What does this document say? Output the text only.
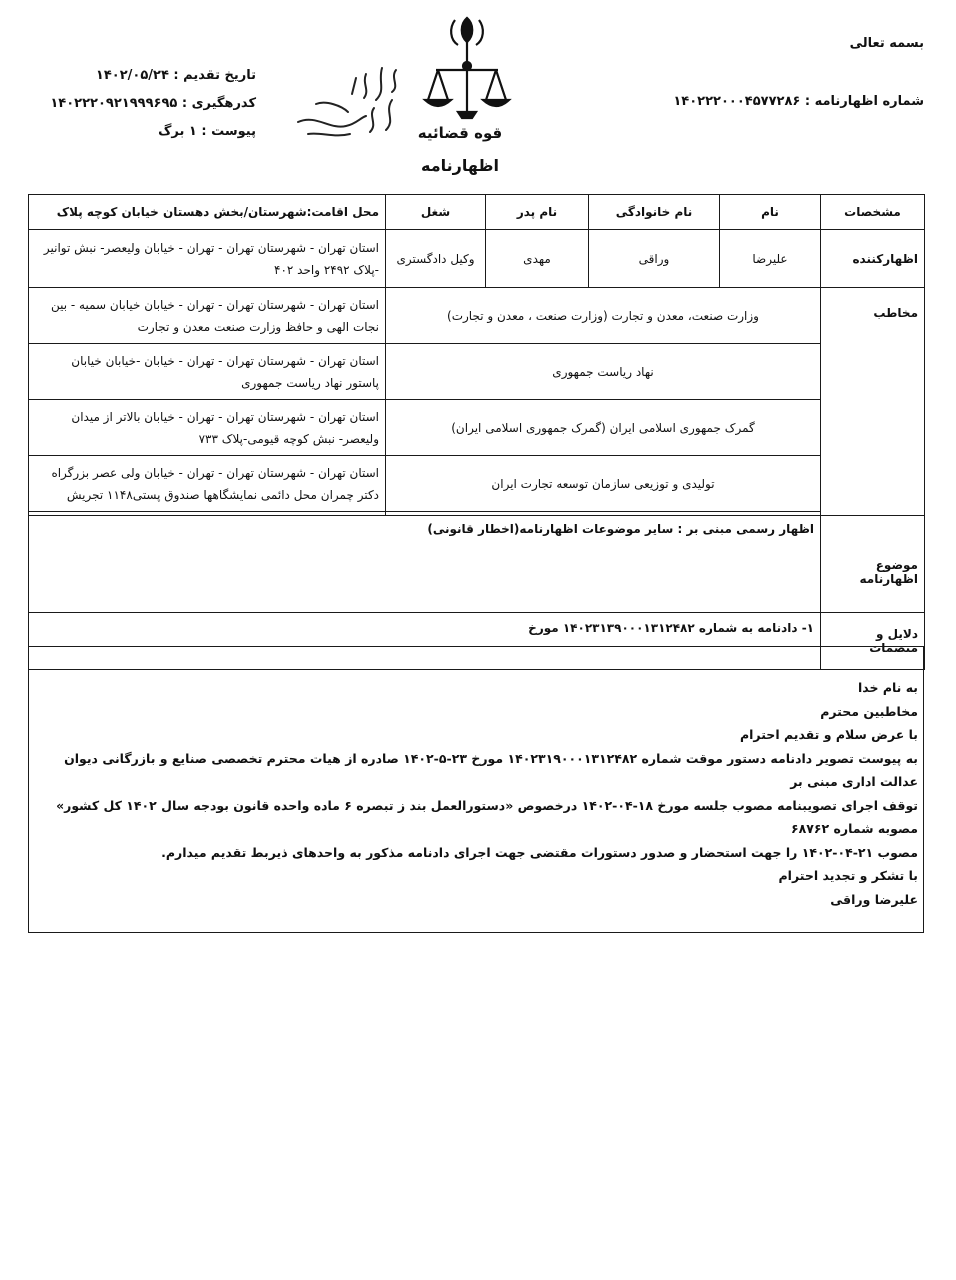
بسمه تعالی
شماره اظهارنامه : ۱۴۰۲۲۲۰۰۰۴۵۷۷۲۸۶
قوه قضائیه
اظهارنامه
تاریخ تقدیم : ۱۴۰۲/۰۵/۲۴
کدرهگیری : ۱۴۰۲۲۲۰۹۲۱۹۹۹۶۹۵
پیوست : ۱ برگ
مشخصات	نام	نام خانوادگی	نام پدر	شغل	محل اقامت:شهرستان/بخش دهستان خیابان کوچه پلاک
اظهارکننده	علیرضا	وراقی	مهدی	وکیل دادگستری	استان تهران - شهرستان تهران - تهران - خیابان ولیعصر- نبش توانیر -پلاک ۲۴۹۲ واحد ۴۰۲
مخاطب	وزارت صنعت، معدن و تجارت (وزارت صنعت ، معدن و تجارت)				استان تهران - شهرستان تهران - تهران - خیابان خیابان سمیه - بین نجات الهی و حافظ وزارت صنعت معدن و تجارت
	نهاد ریاست جمهوری				استان تهران - شهرستان تهران - تهران - خیابان -خیابان خیابان پاستور نهاد ریاست جمهوری
	گمرک جمهوری اسلامی ایران (گمرک جمهوری اسلامی ایران)				استان تهران - شهرستان تهران - تهران - خیابان بالاتر از میدان ولیعصر- نبش کوچه قیومی-پلاک ۷۳۳
	تولیدی و توزیعی سازمان توسعه تجارت ایران				استان تهران - شهرستان تهران - تهران - خیابان ولی عصر بزرگراه دکتر چمران محل دائمی نمایشگاهها صندوق پستی۱۱۴۸ تجریش

موضوع اظهارنامه	اظهار رسمی مبنی بر : سایر موضوعات اظهارنامه(اخطار قانونی)				
دلایل و منضمات	۱- دادنامه به شماره ۱۴۰۲۳۱۳۹۰۰۰۱۳۱۲۴۸۲ مورخ				

به نام خدا

مخاطبین محترم

با عرض سلام و تقدیم احترام

به پیوست تصویر دادنامه دستور موقت شماره ۱۴۰۲۳۱۹۰۰۰۱۳۱۲۴۸۲ مورخ ۲۳-۵-۱۴۰۲ صادره از هیات محترم تخصصی صنایع و بازرگانی دیوان عدالت اداری مبنی بر

توقف اجرای تصویبنامه مصوب جلسه مورخ ۱۸-۰۴-۱۴۰۲ درخصوص «دستورالعمل بند ز تبصره ۶ ماده واحده قانون بودجه سال ۱۴۰۲ کل کشور» مصوبه شماره ۶۸۷۶۲

مصوب ۲۱-۰۴-۱۴۰۲ را جهت استحضار و صدور دستورات مقتضی جهت اجرای دادنامه مذکور به واحدهای ذیربط تقدیم میدارم.

با تشکر و تجدید احترام

علیرضا وراقی
